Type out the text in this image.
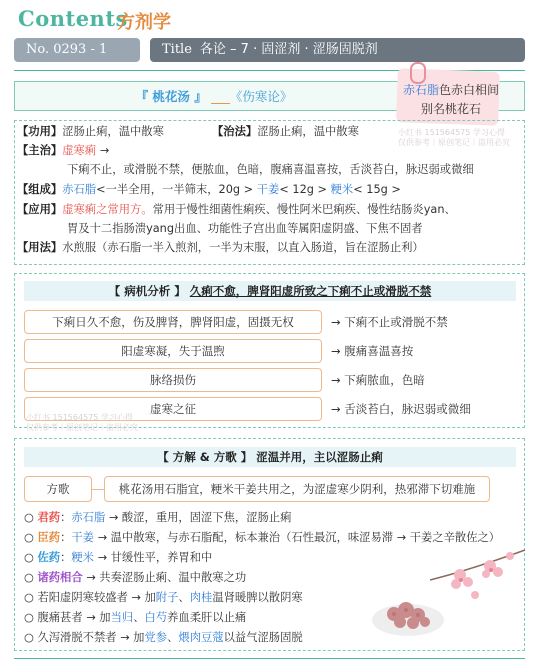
Contents
方剂学
No. 0293 - 1	Title 各论 – 7 · 固涩剂 · 涩肠固脱剂
『 桃花汤 』 ___《伤寒论》	赤石脂色赤白相间
别名桃花石
【功用】涩肠止痢，温中散寒	【治法】涩肠止痢，温中散寒	小红书 151564575 学习心得
仅供参考｜原创笔记｜盗用必究
【主治】虚寒痢 →
下痢不止，或滑脱不禁，便脓血，色暗，腹痛喜温喜按，舌淡苔白，脉迟弱或微细
【组成】赤石脂<一半全用，一半筛末，20g > 干姜< 12g > 粳米< 15g >
【应用】虚寒痢之常用方。常用于慢性细菌性痢疾、慢性阿米巴痢疾、慢性结肠炎yan、
胃及十二指肠溃yang出血、功能性子宫出血等属阳虚阴盛、下焦不固者
【用法】水煎服（赤石脂一半入煎剂，一半为末服，以直入肠道，旨在涩肠止利）
【 病机分析 】 久痢不愈，脾肾阳虚所致之下痢不止或滑脱不禁
下痢日久不愈，伤及脾肾，脾肾阳虚，固摄无权	→ 下痢不止或滑脱不禁
阳虚寒凝，失于温煦	→ 腹痛喜温喜按
脉络损伤	→ 下痢脓血，色暗
虚寒之征	→ 舌淡苔白，脉迟弱或微细
小红书 151564575 学习心得
仅供参考｜原创笔记｜盗用必究
【 方解 & 方歌 】 涩温并用，主以涩肠止痢
方歌	桃花汤用石脂宜，粳米干姜共用之，为涩虚寒少阴利，热邪滞下切难施
○ 君药：赤石脂 → 酸涩，重用，固涩下焦，涩肠止痢
○ 臣药：干姜 → 温中散寒，与赤石脂配，标本兼治（石性最沉，味涩易滞 → 干姜之辛散佐之）
○ 佐药：粳米 → 甘缓性平，养胃和中
○ 诸药相合 → 共奏涩肠止痢、温中散寒之功
○ 若阳虚阴寒较盛者 → 加附子、肉桂温肾暖脾以散阴寒
○ 腹痛甚者 → 加当归、白芍养血柔肝以止痛
○ 久泻滑脱不禁者 → 加党参、煨肉豆蔻以益气涩肠固脱
